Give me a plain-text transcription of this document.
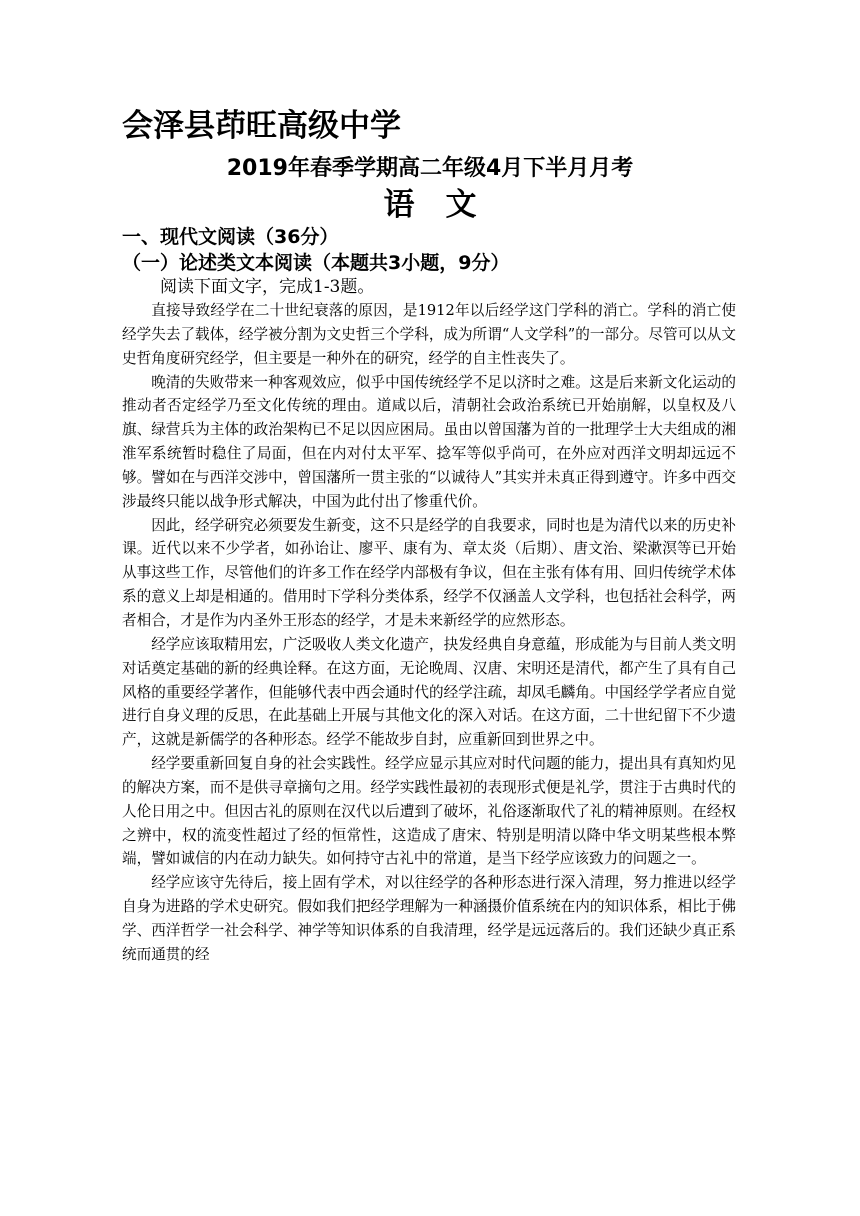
会泽县茚旺高级中学
2019年春季学期高二年级4月下半月月考
语　文
一、现代文阅读（36分）
（一）论述类文本阅读（本题共3小题，9分）
阅读下面文字，完成1-3题。

直接导致经学在二十世纪衰落的原因，是1912年以后经学这门学科的消亡。学科的消亡使经学失去了载体，经学被分割为文史哲三个学科，成为所谓“人文学科”的一部分。尽管可以从文史哲角度研究经学，但主要是一种外在的研究，经学的自主性丧失了。

晚清的失败带来一种客观效应，似乎中国传统经学不足以济时之难。这是后来新文化运动的推动者否定经学乃至文化传统的理由。道咸以后，清朝社会政治系统已开始崩解，以皇权及八旗、绿营兵为主体的政治架构已不足以因应困局。虽由以曾国藩为首的一批理学士大夫组成的湘淮军系统暂时稳住了局面，但在内对付太平军、捻军等似乎尚可，在外应对西洋文明却远远不够。譬如在与西洋交涉中，曾国藩所一贯主张的“以诚待人”其实并未真正得到遵守。许多中西交涉最终只能以战争形式解决，中国为此付出了惨重代价。

因此，经学研究必须要发生新变，这不只是经学的自我要求，同时也是为清代以来的历史补课。近代以来不少学者，如孙诒让、廖平、康有为、章太炎（后期）、唐文治、梁漱溟等已开始从事这些工作，尽管他们的许多工作在经学内部极有争议，但在主张有体有用、回归传统学术体系的意义上却是相通的。借用时下学科分类体系，经学不仅涵盖人文学科，也包括社会科学，两者相合，才是作为内圣外王形态的经学，才是未来新经学的应然形态。

经学应该取精用宏，广泛吸收人类文化遗产，抉发经典自身意蕴，形成能为与目前人类文明对话奠定基础的新的经典诠释。在这方面，无论晚周、汉唐、宋明还是清代，都产生了具有自己风格的重要经学著作，但能够代表中西会通时代的经学注疏，却凤毛麟角。中国经学学者应自觉进行自身义理的反思，在此基础上开展与其他文化的深入对话。在这方面，二十世纪留下不少遗产，这就是新儒学的各种形态。经学不能故步自封，应重新回到世界之中。

经学要重新回复自身的社会实践性。经学应显示其应对时代问题的能力，提出具有真知灼见的解决方案，而不是供寻章摘句之用。经学实践性最初的表现形式便是礼学，贯注于古典时代的人伦日用之中。但因古礼的原则在汉代以后遭到了破坏，礼俗逐渐取代了礼的精神原则。在经权之辨中，权的流变性超过了经的恒常性，这造成了唐宋、特别是明清以降中华文明某些根本弊端，譬如诚信的内在动力缺失。如何持守古礼中的常道，是当下经学应该致力的问题之一。

经学应该守先待后，接上固有学术，对以往经学的各种形态进行深入清理，努力推进以经学自身为进路的学术史研究。假如我们把经学理解为一种涵摄价值系统在内的知识体系，相比于佛学、西洋哲学一社会科学、神学等知识体系的自我清理，经学是远远落后的。我们还缺少真正系统而通贯的经
